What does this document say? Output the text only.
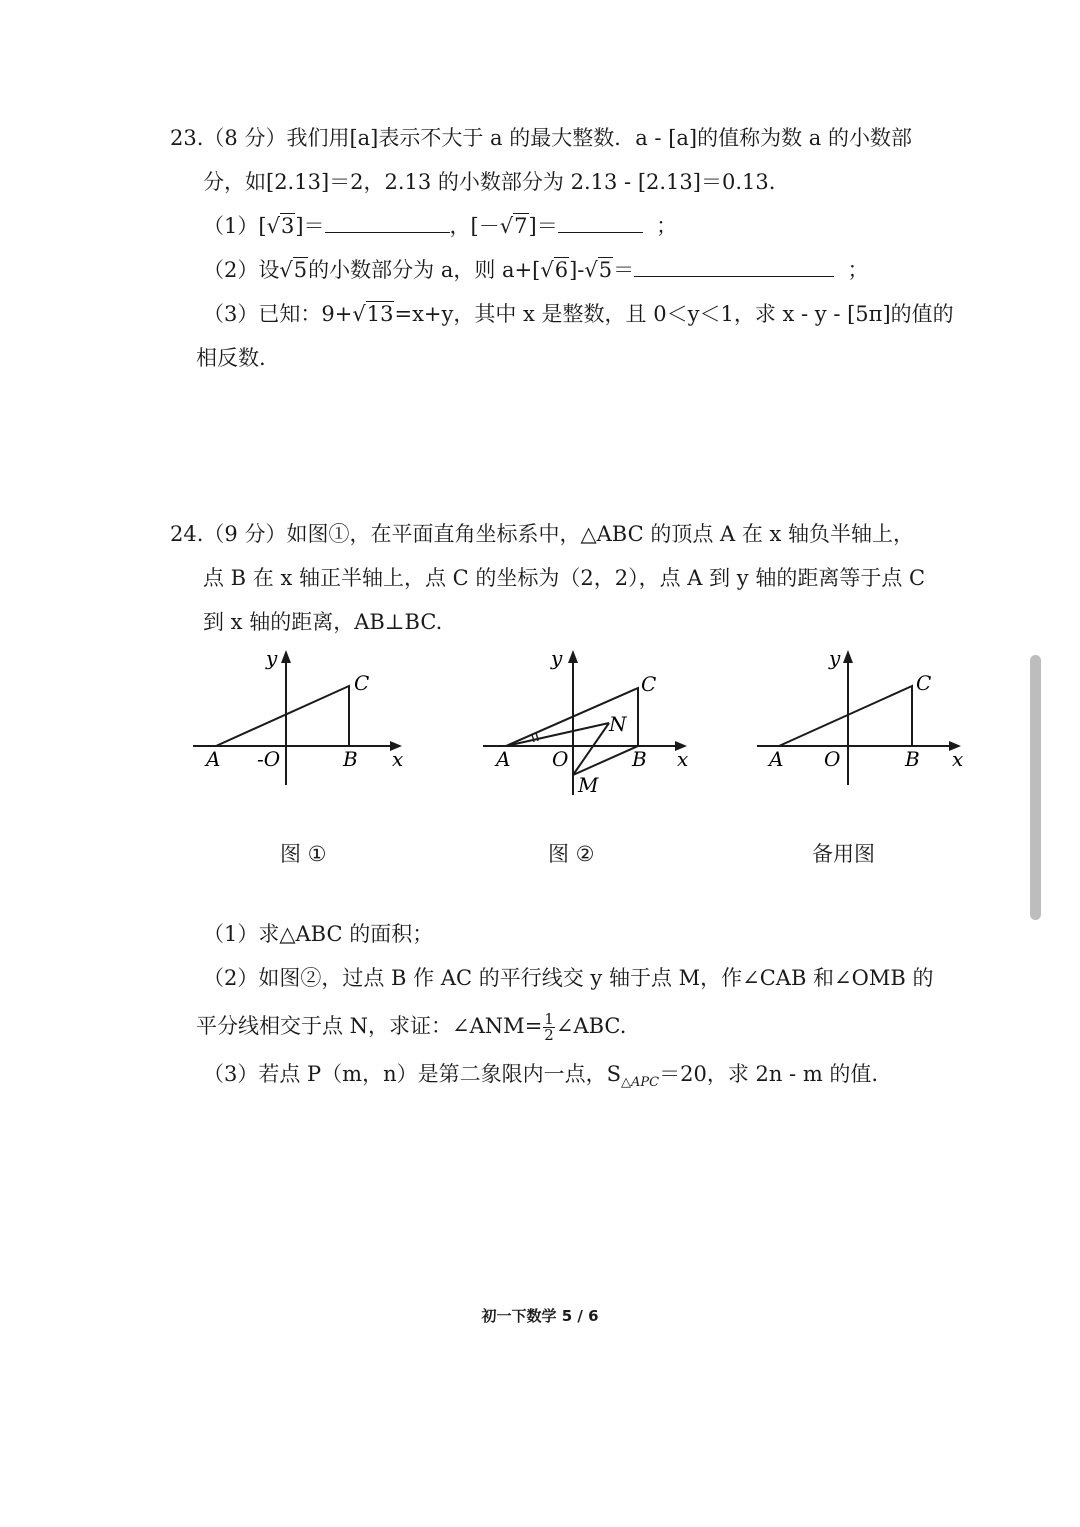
23.（8 分）我们用[a]表示不大于 a 的最大整数．a - [a]的值称为数 a 的小数部
分，如[2.13]＝2，2.13 的小数部分为 2.13 - [2.13]＝0.13.
（1）[√3]＝	，[－√7]＝	；
（2）设√5的小数部分为 a，则 a+[√6]-√5＝	；
（3）已知：9+√13=x+y，其中 x 是整数，且 0＜y＜1，求 x - y - [5π]的值的
相反数.
24.（9 分）如图①，在平面直角坐标系中，△ABC 的顶点 A 在 x 轴负半轴上，
点 B 在 x 轴正半轴上，点 C 的坐标为（2，2），点 A 到 y 轴的距离等于点 C
到 x 轴的距离，AB⊥BC.
y
x
A -O	B
C
图 ①
y
x
A O	B
C
N
M
图 ②
y
x
A O	B
C
备用图
（1）求△ABC 的面积；
（2）如图②，过点 B 作 AC 的平行线交 y 轴于点 M，作∠CAB 和∠OMB 的
平分线相交于点 N，求证：∠ANM= $\frac{1}{2}$ ∠ABC.
（3）若点 P（m，n）是第二象限内一点，$S_{\triangle APC}=20$，求 2n - m 的值.
初一下数学 5 / 6
